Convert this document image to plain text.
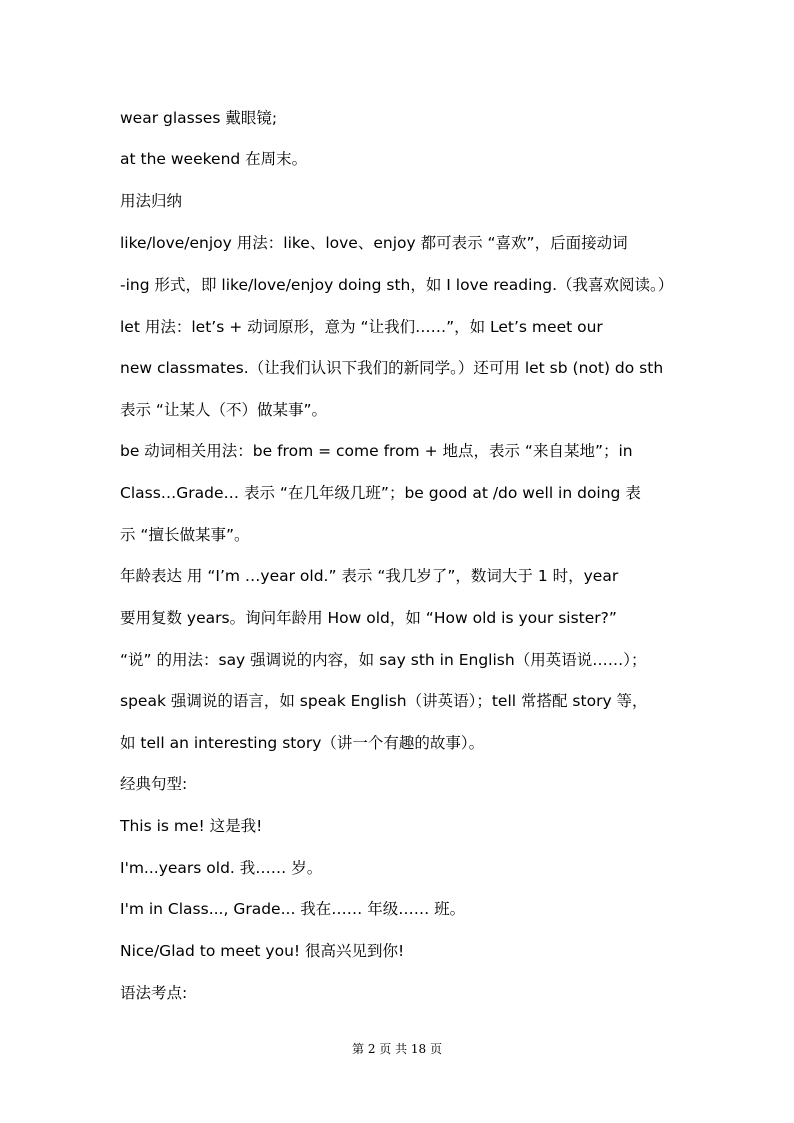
wear glasses 戴眼镜;
at the weekend 在周末。
用法归纳
like/love/enjoy 用法：like、love、enjoy 都可表示 “喜欢”，后面接动词
-ing 形式，即 like/love/enjoy doing sth，如 I love reading.（我喜欢阅读。）
let 用法：let’s + 动词原形，意为 “让我们……”，如 Let’s meet our
new classmates.（让我们认识下我们的新同学。）还可用 let sb (not) do sth
表示 “让某人（不）做某事”。
be 动词相关用法：be from = come from + 地点，表示 “来自某地”；in
Class…Grade… 表示 “在几年级几班”；be good at /do well in doing 表
示 “擅长做某事”。
年龄表达 用 “I’m …year old.” 表示 “我几岁了”，数词大于 1 时，year
要用复数 years。询问年龄用 How old，如 “How old is your sister?”
“说” 的用法：say 强调说的内容，如 say sth in English（用英语说……）；
speak 强调说的语言，如 speak English（讲英语）；tell 常搭配 story 等，
如 tell an interesting story（讲一个有趣的故事）。
经典句型:
This is me! 这是我!
I'm...years old. 我…… 岁。
I'm in Class..., Grade... 我在…… 年级…… 班。
Nice/Glad to meet you! 很高兴见到你!
语法考点:
第 2 页 共 18 页
